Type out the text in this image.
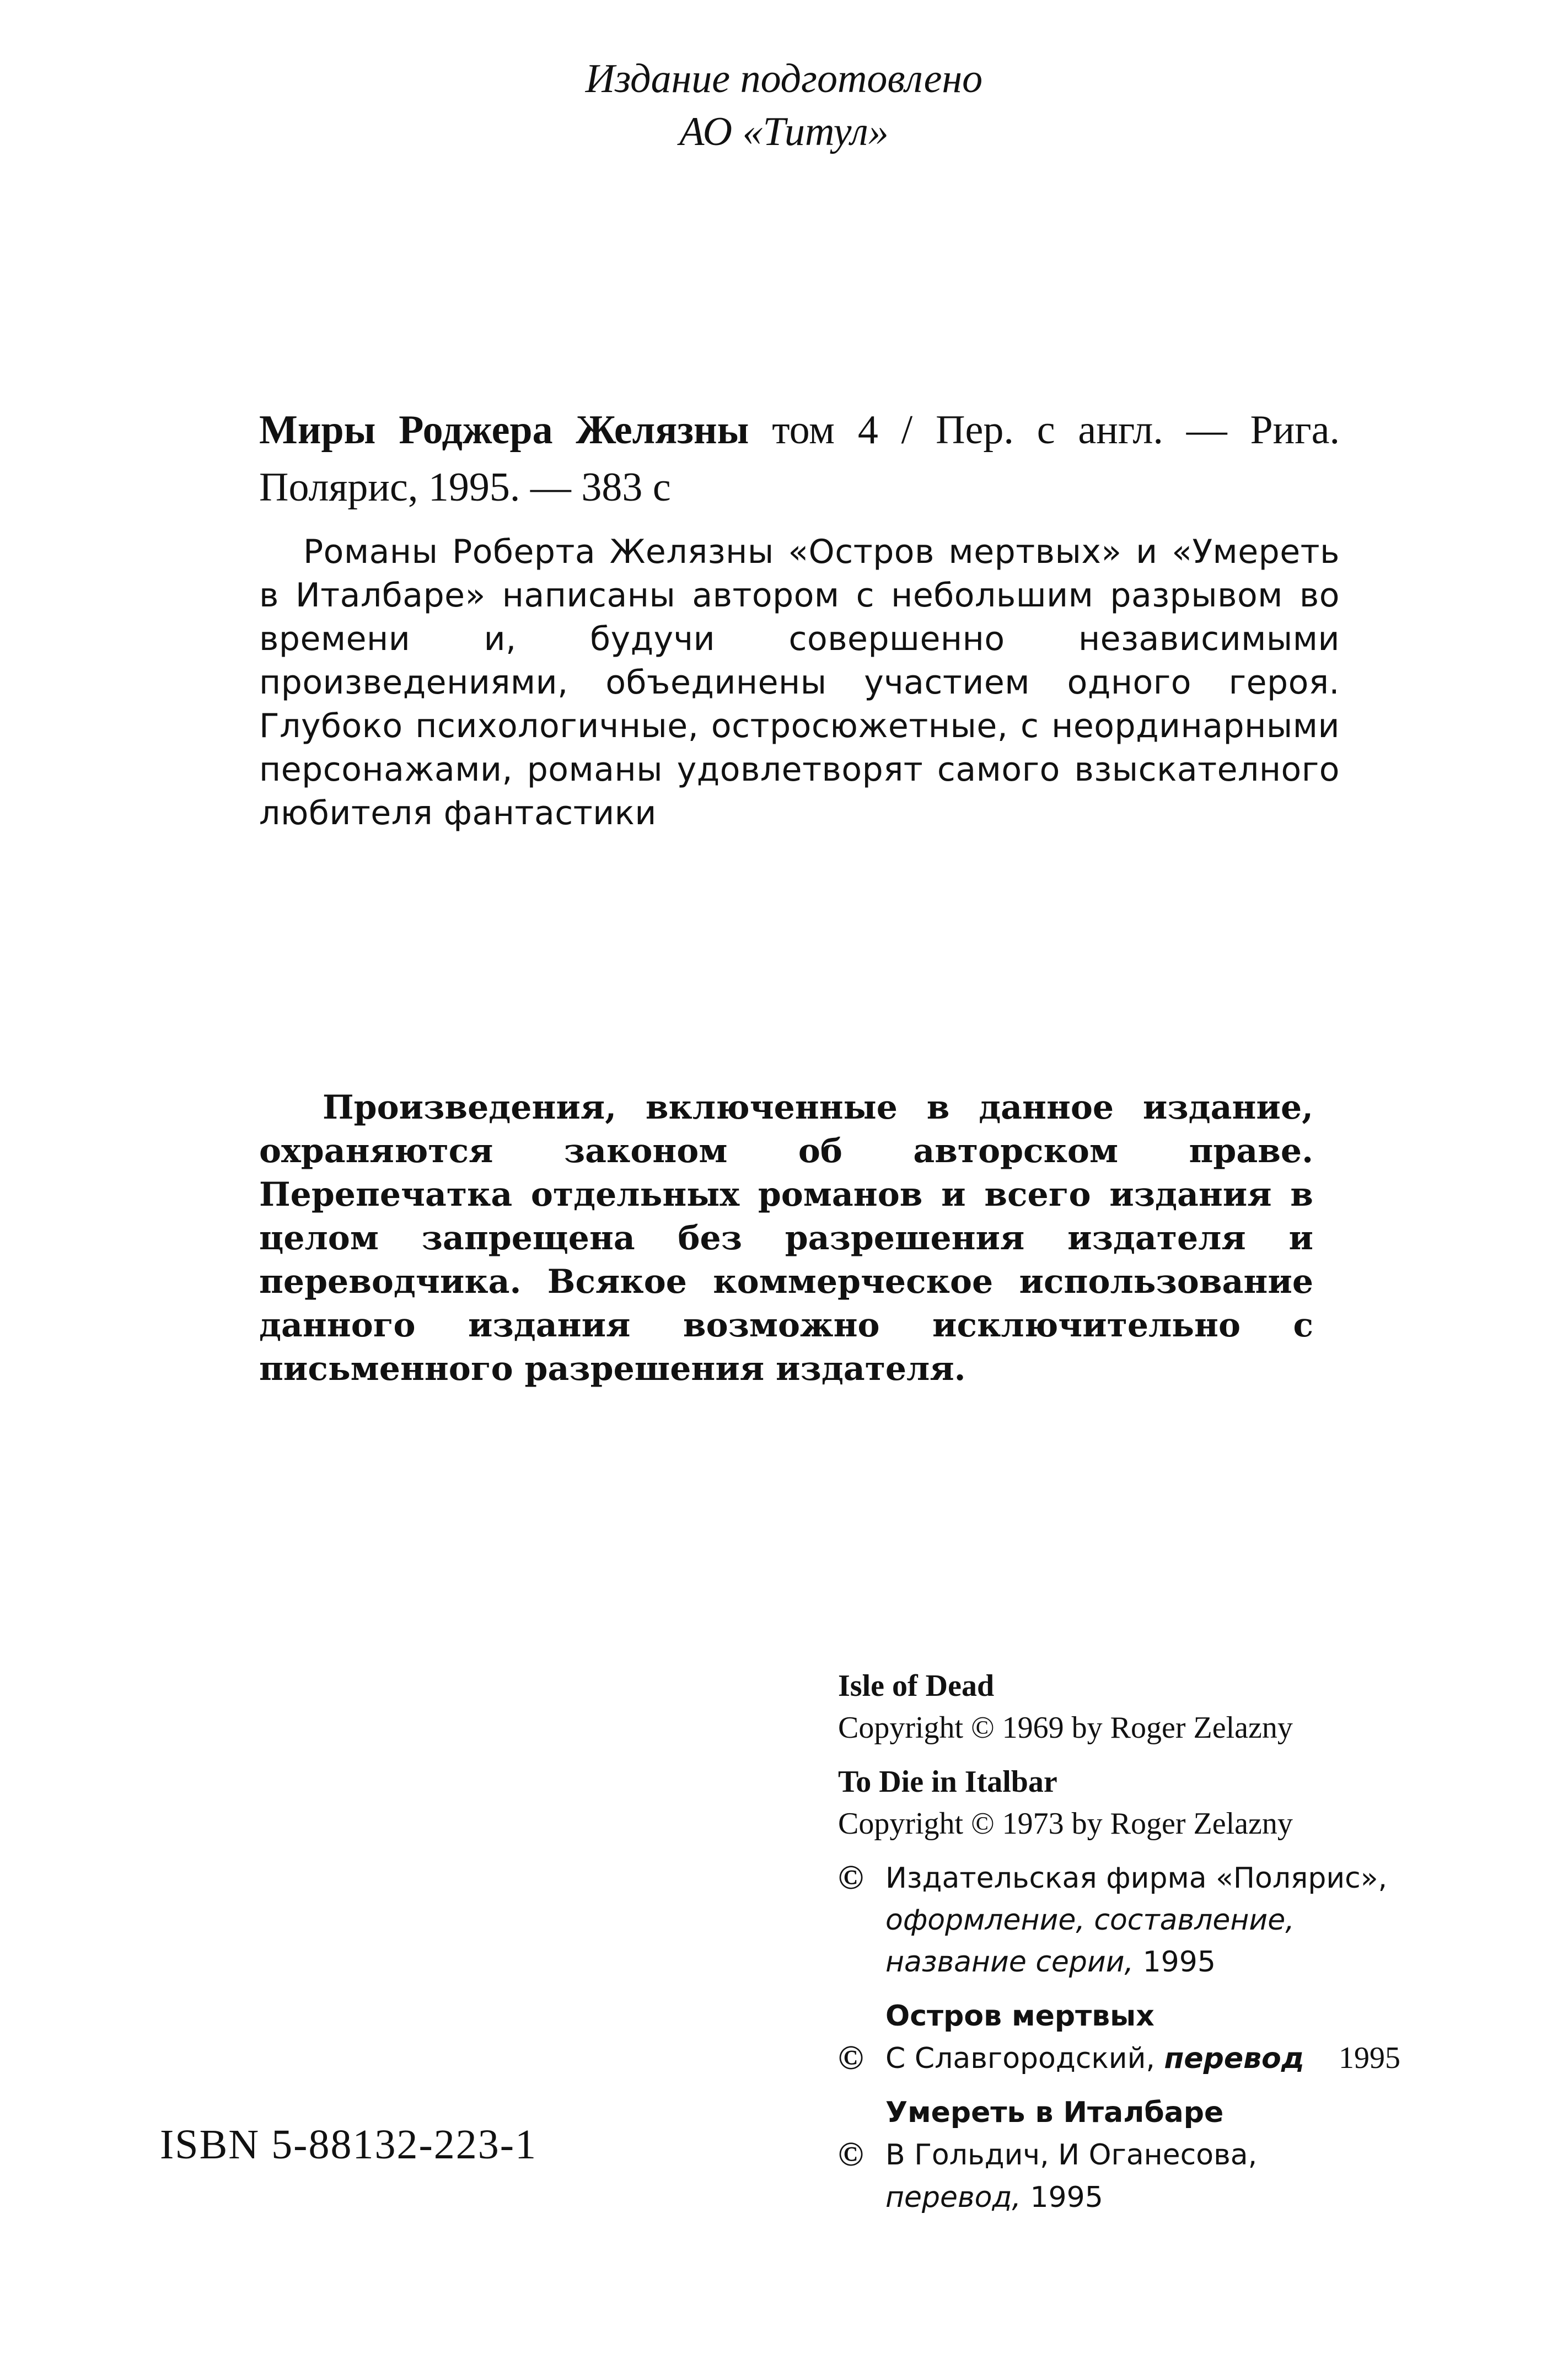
Издание подготовлено
АО «Титул»
Миры Роджера Желязны том 4 / Пер. с англ. — Рига. Полярис, 1995. — 383 с
Романы Роберта Желязны «Остров мертвых» и «Умереть в Италбаре» написаны автором с небольшим разрывом во времени и, будучи совершенно независимыми произведениями, объединены участием одного героя. Глубоко психологичные, остросюжетные, с неординарными персонажами, романы удовлетворят самого взыскателного любителя фантастики
Произведения, включенные в данное издание, охраняются законом об авторском праве. Перепечатка отдельных романов и всего издания в целом запрещена без разрешения издателя и переводчика. Всякое коммерческое использование данного издания возможно исключительно с письменного разрешения издателя.
Isle of Dead
Copyright © 1969 by Roger Zelazny
To Die in Italbar
Copyright © 1973 by Roger Zelazny
© Издательская фирма «Полярис»,
оформление, составление,
название серии, 1995
Остров мертвых
© С Славгородский, перевод 1995
Умереть в Италбаре
© В Гольдич, И Оганесова,
перевод, 1995
ISBN 5-88132-223-1
